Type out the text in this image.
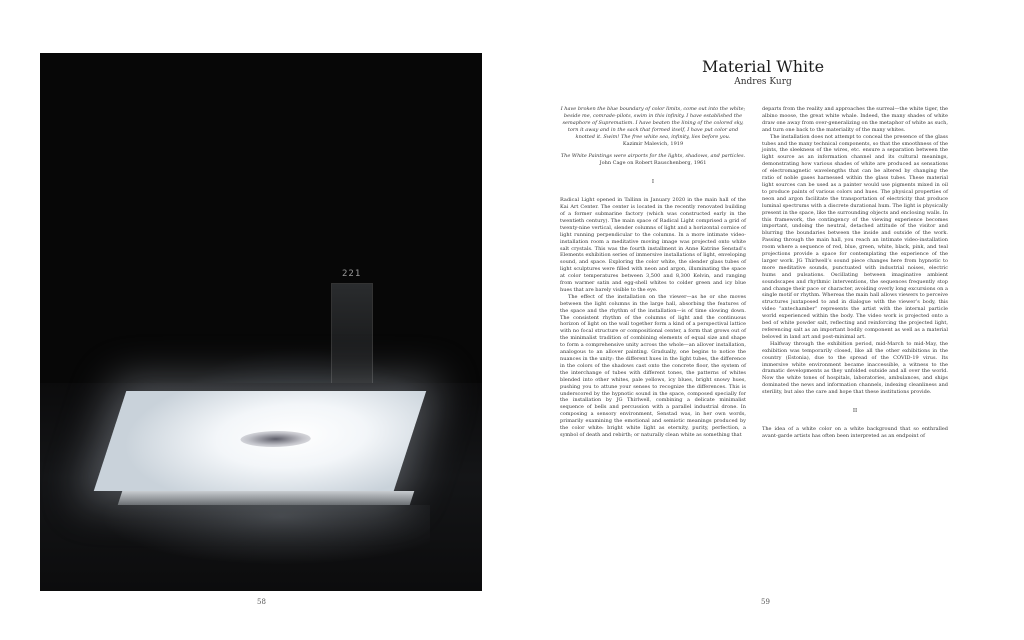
221
58
Material White
Andres Kurg

I have broken the blue boundary of color limits, come out into the white; beside me, comrade-pilots, swim in this infinity. I have established the semaphore of Suprematism. I have beaten the lining of the colored sky, torn it away and in the sack that formed itself, I have put color and knotted it. Swim! The free white sea, infinity, lies before you.

Kazimir Malevich, 1919

The White Paintings were airports for the lights, shadows, and particles.

John Cage on Robert Rauschenberg, 1961

I

Radical Light opened in Tallinn in January 2020 in the main hall of the Kai Art Center. The center is located in the recently renovated building of a former submarine factory (which was constructed early in the twentieth century). The main space of Radical Light comprised a grid of twenty-nine vertical, slender columns of light and a horizontal cornice of light running perpendicular to the columns. In a more intimate video-installation room a meditative moving image was projected onto white salt crystals. This was the fourth installment in Anne Katrine Senstad’s Elements exhibition series of immersive installations of light, enveloping sound, and space. Exploring the color white, the slender glass tubes of light sculptures were filled with neon and argon, illuminating the space at color temperatures between 3,500 and 8,300 Kelvin, and ranging from warmer satin and egg-shell whites to colder green and icy blue hues that are barely visible to the eye.

The effect of the installation on the viewer—as he or she moves between the light columns in the large hall, absorbing the features of the space and the rhythm of the installation—is of time slowing down. The consistent rhythm of the columns of light and the continuous horizon of light on the wall together form a kind of a perspectival lattice with no focal structure or compositional center, a form that grows out of the minimalist tradition of combining elements of equal size and shape to form a comprehensive unity across the whole—an allover installation, analogous to an allover painting. Gradually, one begins to notice the nuances in the unity: the different hues in the light tubes, the difference in the colors of the shadows cast onto the concrete floor, the system of the interchange of tubes with different tones, the patterns of whites blended into other whites, pale yellows, icy blues, bright snowy hues, pushing you to attune your senses to recognize the differences. This is underscored by the hypnotic sound in the space, composed specially for the installation by JG Thirlwell, combining a delicate minimalist sequence of bells and percussion with a parallel industrial drone. In composing a sensory environment, Senstad was, in her own words, primarily examining the emotional and semiotic meanings produced by the color white: bright white light as eternity, purity, perfection, a symbol of death and rebirth; or naturally clean white as something that

departs from the reality and approaches the surreal—the white tiger, the albino moose, the great white whale. Indeed, the many shades of white draw one away from over-generalizing on the metaphor of white as such, and turn one back to the materiality of the many whites.

The installation does not attempt to conceal the presence of the glass tubes and the many technical components, so that the smoothness of the joints, the sleekness of the wires, etc. ensure a separation between the light source as an information channel and its cultural meanings, demonstrating how various shades of white are produced as sensations of electromagnetic wavelengths that can be altered by changing the ratio of noble gases harnessed within the glass tubes. These material light sources can be used as a painter would use pigments mixed in oil to produce paints of various colors and hues. The physical properties of neon and argon facilitate the transportation of electricity that produce luminal spectrums with a discrete durational hum. The light is physically present in the space, like the surrounding objects and enclosing walls. In this framework, the contingency of the viewing experience becomes important, undoing the neutral, detached attitude of the visitor and blurring the boundaries between the inside and outside of the work. Passing through the main hall, you reach an intimate video-installation room where a sequence of red, blue, green, white, black, pink, and teal projections provide a space for contemplating the experience of the larger work. JG Thirlwell’s sound piece changes here from hypnotic to more meditative sounds, punctuated with industrial noises, electric hums and pulsations. Oscillating between imaginative ambient soundscapes and rhythmic interventions, the sequences frequently stop and change their pace or character, avoiding overly long excursions on a single motif or rhythm. Whereas the main hall allows viewers to perceive structures juxtaposed to and in dialogue with the viewer’s body, this video “antechamber” represents the artist with the internal particle world experienced within the body. The video work is projected onto a bed of white powder salt, reflecting and reinforcing the projected light, referencing salt as an important bodily component as well as a material beloved in land art and post-minimal art.

Halfway through the exhibition period, mid-March to mid-May, the exhibition was temporarily closed, like all the other exhibitions in the country (Estonia), due to the spread of the COVID-19 virus. Its immersive white environment became inaccessible, a witness to the dramatic developments as they unfolded outside and all over the world. Now the white tones of hospitals, laboratories, ambulances, and ships dominated the news and information channels, indexing cleanliness and sterility, but also the care and hope that these institutions provide.

II

The idea of a white color on a white background that so enthralled avant-garde artists has often been interpreted as an endpoint of

59
